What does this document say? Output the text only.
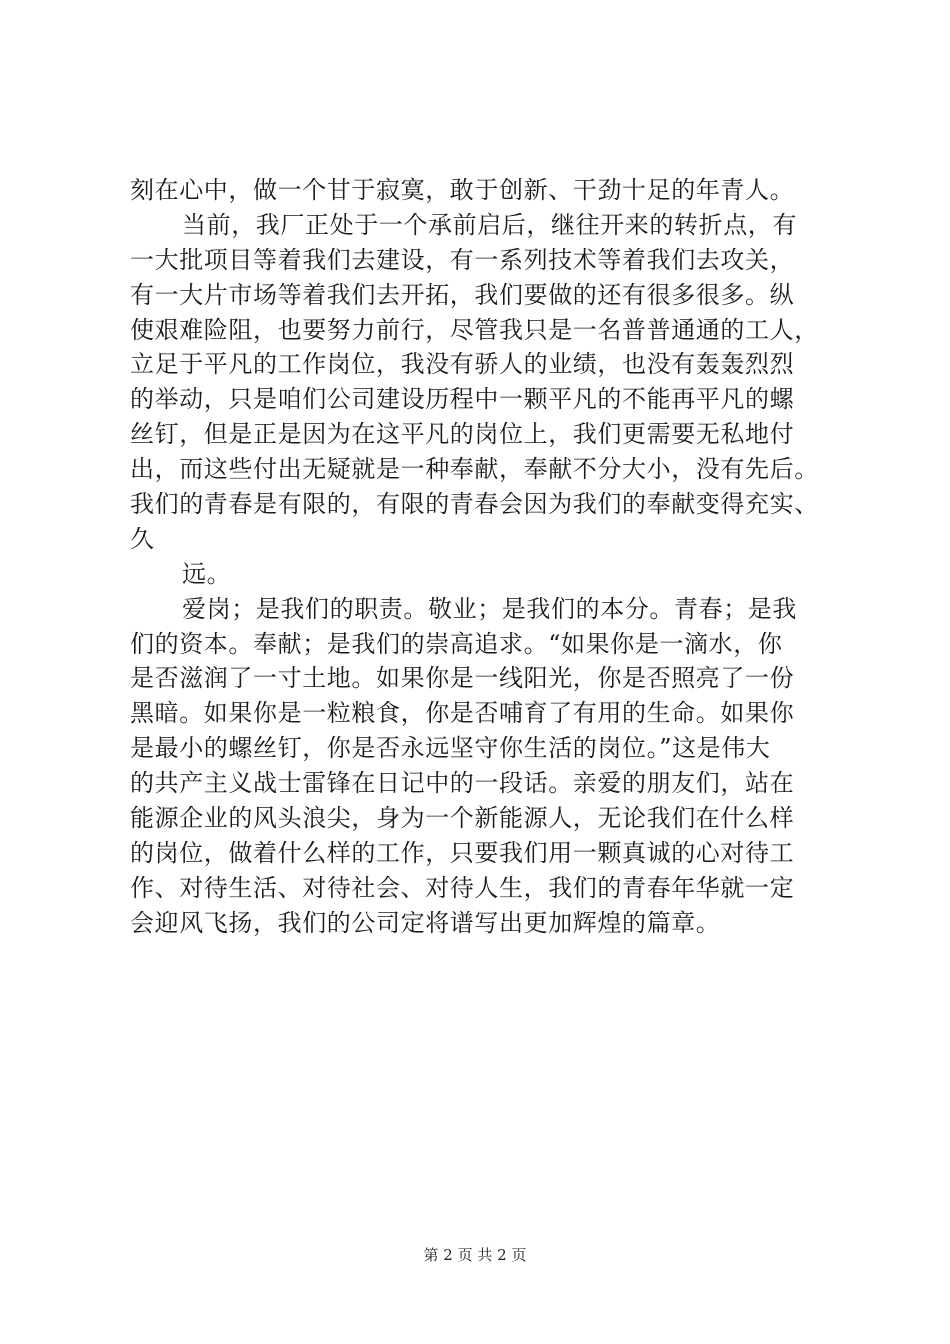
刻在心中，做一个甘于寂寞，敢于创新、干劲十足的年青人。
当前，我厂正处于一个承前启后，继往开来的转折点，有
一大批项目等着我们去建设，有一系列技术等着我们去攻关，
有一大片市场等着我们去开拓，我们要做的还有很多很多。纵
使艰难险阻，也要努力前行，尽管我只是一名普普通通的工人，
立足于平凡的工作岗位，我没有骄人的业绩，也没有轰轰烈烈
的举动，只是咱们公司建设历程中一颗平凡的不能再平凡的螺
丝钉，但是正是因为在这平凡的岗位上，我们更需要无私地付
出，而这些付出无疑就是一种奉献，奉献不分大小，没有先后。
我们的青春是有限的，有限的青春会因为我们的奉献变得充实、
久
远。
爱岗；是我们的职责。敬业；是我们的本分。青春；是我
们的资本。奉献；是我们的崇高追求。“如果你是一滴水，你
是否滋润了一寸土地。如果你是一线阳光，你是否照亮了一份
黑暗。如果你是一粒粮食，你是否哺育了有用的生命。如果你
是最小的螺丝钉，你是否永远坚守你生活的岗位。”这是伟大
的共产主义战士雷锋在日记中的一段话。亲爱的朋友们，站在
能源企业的风头浪尖，身为一个新能源人，无论我们在什么样
的岗位，做着什么样的工作，只要我们用一颗真诚的心对待工
作、对待生活、对待社会、对待人生，我们的青春年华就一定
会迎风飞扬，我们的公司定将谱写出更加辉煌的篇章。
第 2 页 共 2 页
